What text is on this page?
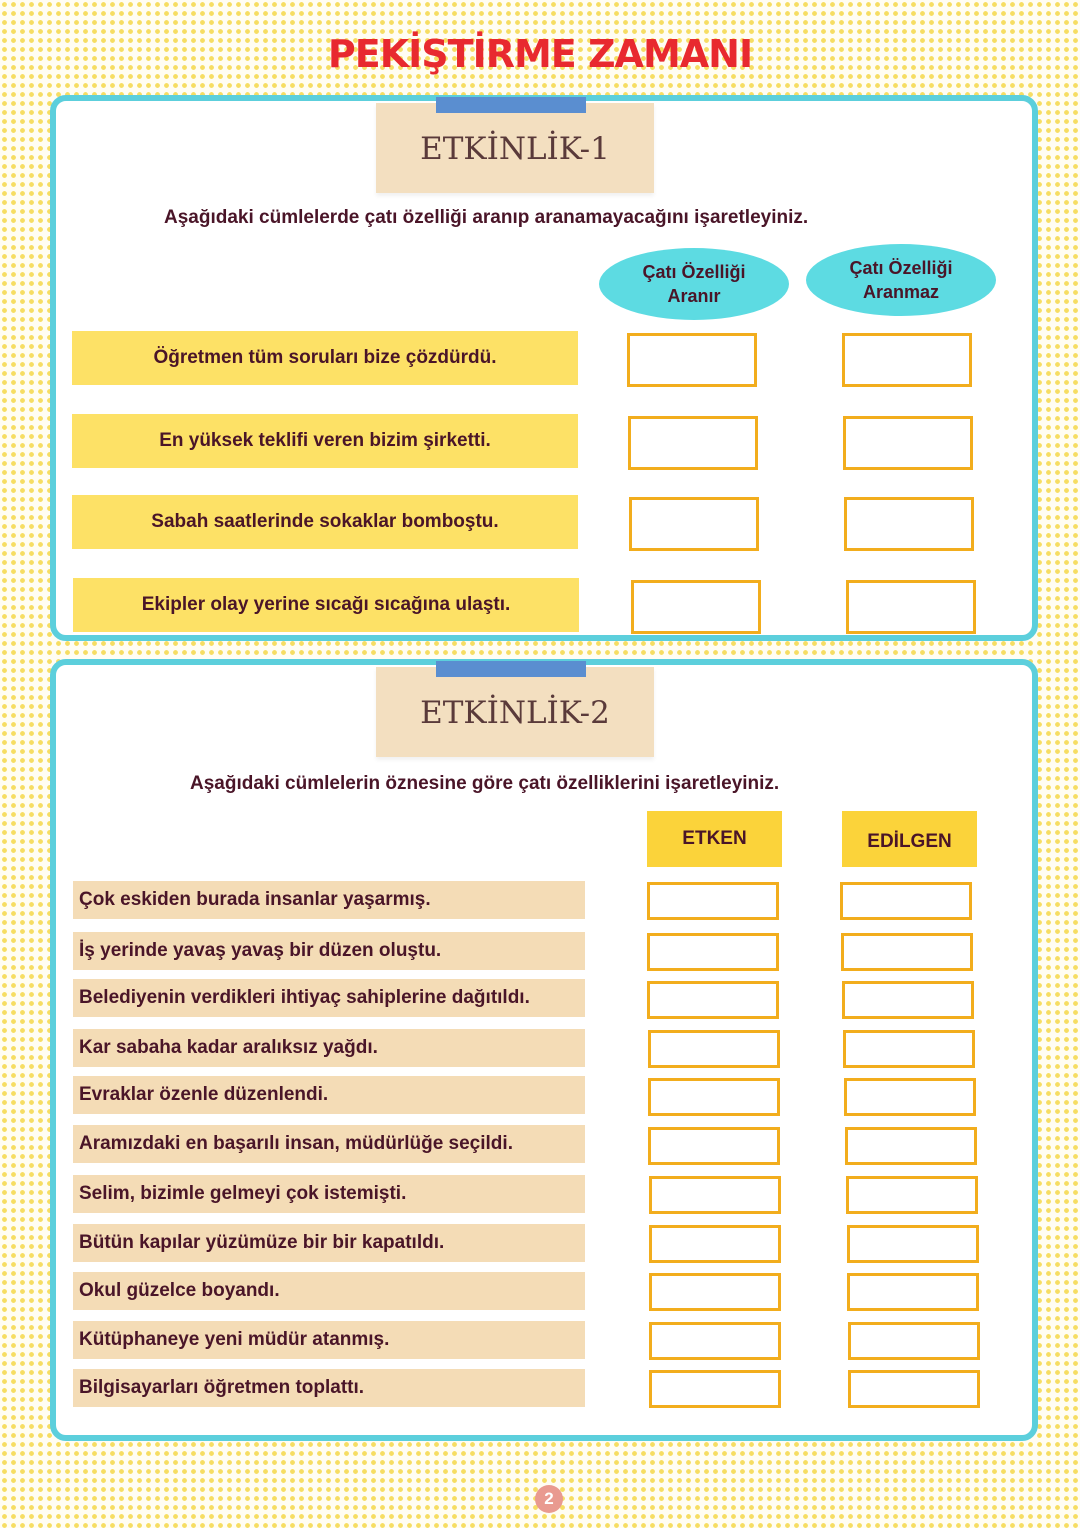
PEKİŞTİRME ZAMANI
ETKİNLİK-1
Aşağıdaki cümlelerde çatı özelliği aranıp aranamayacağını işaretleyiniz.
Çatı Özelliği
Aranır
Çatı Özelliği
Aranmaz
Öğretmen tüm soruları bize çözdürdü.
En yüksek teklifi veren bizim şirketti.
Sabah saatlerinde sokaklar bomboştu.
Ekipler olay yerine sıcağı sıcağına ulaştı.
ETKİNLİK-2
Aşağıdaki cümlelerin öznesine göre çatı özelliklerini işaretleyiniz.
ETKEN	EDİLGEN
Çok eskiden burada insanlar yaşarmış.
İş yerinde yavaş yavaş bir düzen oluştu.
Belediyenin verdikleri ihtiyaç sahiplerine dağıtıldı.
Kar sabaha kadar aralıksız yağdı.
Evraklar özenle düzenlendi.
Aramızdaki en başarılı insan, müdürlüğe seçildi.
Selim, bizimle gelmeyi çok istemişti.
Bütün kapılar yüzümüze bir bir kapatıldı.
Okul güzelce boyandı.
Kütüphaneye yeni müdür atanmış.
Bilgisayarları öğretmen toplattı.
2
